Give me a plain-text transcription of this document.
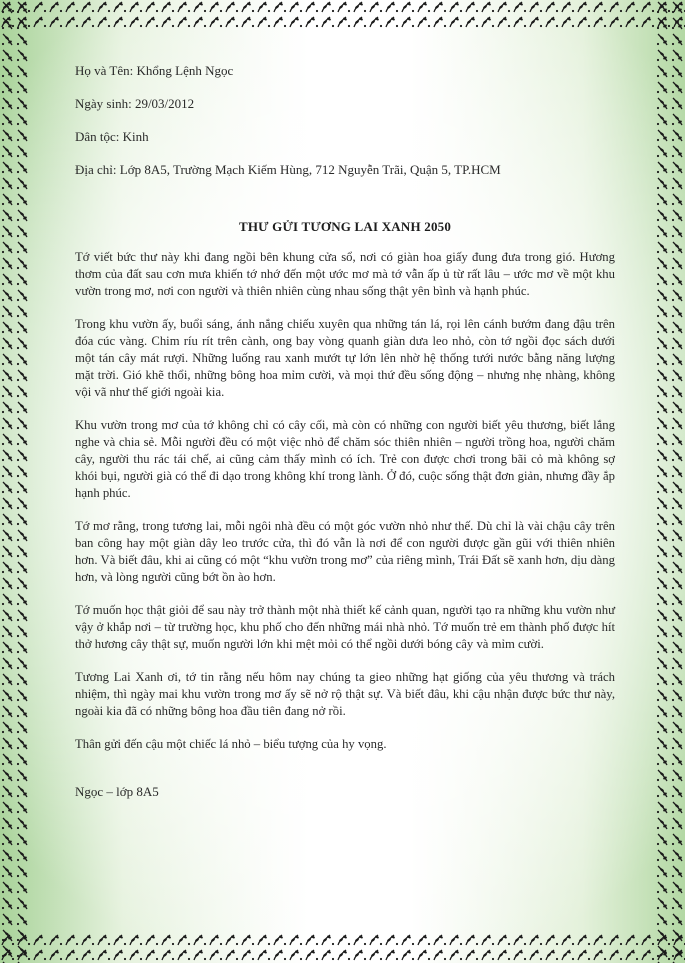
Họ và Tên: Khổng Lệnh Ngọc

Ngày sinh: 29/03/2012

Dân tộc: Kinh

Địa chỉ: Lớp 8A5, Trường Mạch Kiếm Hùng, 712 Nguyễn Trãi, Quận 5, TP.HCM

THƯ GỬI TƯƠNG LAI XANH 2050

Tớ viết bức thư này khi đang ngồi bên khung cửa sổ, nơi có giàn hoa giấy đung đưa trong gió. Hương thơm của đất sau cơn mưa khiến tớ nhớ đến một ước mơ mà tớ vẫn ấp ủ từ rất lâu – ước mơ về một khu vườn trong mơ, nơi con người và thiên nhiên cùng nhau sống thật yên bình và hạnh phúc.

Trong khu vườn ấy, buổi sáng, ánh nắng chiếu xuyên qua những tán lá, rọi lên cánh bướm đang đậu trên đóa cúc vàng. Chim ríu rít trên cành, ong bay vòng quanh giàn dưa leo nhỏ, còn tớ ngồi đọc sách dưới một tán cây mát rượi. Những luống rau xanh mướt tự lớn lên nhờ hệ thống tưới nước bằng năng lượng mặt trời. Gió khẽ thổi, những bông hoa mỉm cười, và mọi thứ đều sống động – nhưng nhẹ nhàng, không vội vã như thế giới ngoài kia.

Khu vườn trong mơ của tớ không chỉ có cây cối, mà còn có những con người biết yêu thương, biết lắng nghe và chia sẻ. Mỗi người đều có một việc nhỏ để chăm sóc thiên nhiên – người trồng hoa, người chăm cây, người thu rác tái chế, ai cũng cảm thấy mình có ích. Trẻ con được chơi trong bãi cỏ mà không sợ khói bụi, người già có thể đi dạo trong không khí trong lành. Ở đó, cuộc sống thật đơn giản, nhưng đầy ắp hạnh phúc.

Tớ mơ rằng, trong tương lai, mỗi ngôi nhà đều có một góc vườn nhỏ như thế. Dù chỉ là vài chậu cây trên ban công hay một giàn dây leo trước cửa, thì đó vẫn là nơi để con người được gần gũi với thiên nhiên hơn. Và biết đâu, khi ai cũng có một “khu vườn trong mơ” của riêng mình, Trái Đất sẽ xanh hơn, dịu dàng hơn, và lòng người cũng bớt ồn ào hơn.

Tớ muốn học thật giỏi để sau này trở thành một nhà thiết kế cảnh quan, người tạo ra những khu vườn như vậy ở khắp nơi – từ trường học, khu phố cho đến những mái nhà nhỏ. Tớ muốn trẻ em thành phố được hít thở hương cây thật sự, muốn người lớn khi mệt mỏi có thể ngồi dưới bóng cây và mỉm cười.

Tương Lai Xanh ơi, tớ tin rằng nếu hôm nay chúng ta gieo những hạt giống của yêu thương và trách nhiệm, thì ngày mai khu vườn trong mơ ấy sẽ nở rộ thật sự. Và biết đâu, khi cậu nhận được bức thư này, ngoài kia đã có những bông hoa đầu tiên đang nở rồi.

Thân gửi đến cậu một chiếc lá nhỏ – biểu tượng của hy vọng.

Ngọc – lớp 8A5
